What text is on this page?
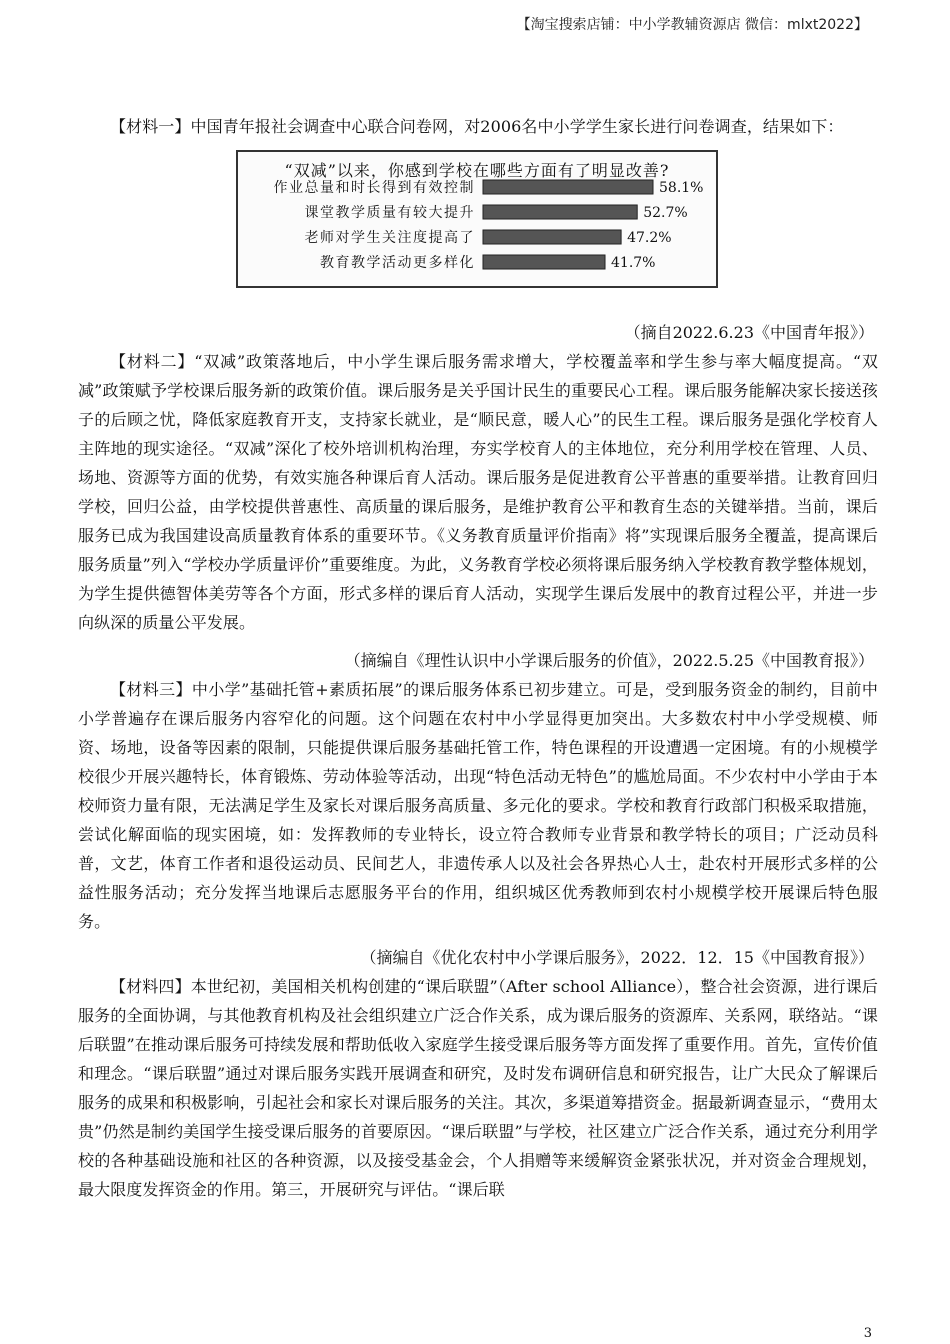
【淘宝搜索店铺：中小学教辅资源店 微信：mlxt2022】

【材料一】中国青年报社会调查中心联合问卷网，对2006名中小学学生家长进行问卷调查，结果如下：

“双减”以来，你感到学校在哪些方面有了明显改善?
作业总量和时长得到有效控制	58.1%
课堂教学质量有较大提升	52.7%
老师对学生关注度提高了	47.2%
教育教学活动更多样化	41.7%

（摘自2022.6.23《中国青年报》）

【材料二】“双减”政策落地后，中小学生课后服务需求增大，学校覆盖率和学生参与率大幅度提高。“双减”政策赋予学校课后服务新的政策价值。课后服务是关乎国计民生的重要民心工程。课后服务能解决家长接送孩子的后顾之忧，降低家庭教育开支，支持家长就业，是“顺民意，暖人心”的民生工程。课后服务是强化学校育人主阵地的现实途径。“双减”深化了校外培训机构治理，夯实学校育人的主体地位，充分利用学校在管理、人员、场地、资源等方面的优势，有效实施各种课后育人活动。课后服务是促进教育公平普惠的重要举措。让教育回归学校，回归公益，由学校提供普惠性、高质量的课后服务，是维护教育公平和教育生态的关键举措。当前，课后服务已成为我国建设高质量教育体系的重要环节。《义务教育质量评价指南》将”实现课后服务全覆盖，提高课后服务质量”列入“学校办学质量评价”重要维度。为此，义务教育学校必须将课后服务纳入学校教育教学整体规划，为学生提供德智体美劳等各个方面，形式多样的课后育人活动，实现学生课后发展中的教育过程公平，并进一步向纵深的质量公平发展。

（摘编自《理性认识中小学课后服务的价值》，2022.5.25《中国教育报》）

【材料三】中小学”基础托管+素质拓展”的课后服务体系已初步建立。可是，受到服务资金的制约，目前中小学普遍存在课后服务内容窄化的问题。这个问题在农村中小学显得更加突出。大多数农村中小学受规模、师资、场地，设备等因素的限制，只能提供课后服务基础托管工作，特色课程的开设遭遇一定困境。有的小规模学校很少开展兴趣特长，体育锻炼、劳动体验等活动，出现“特色活动无特色”的尴尬局面。不少农村中小学由于本校师资力量有限，无法满足学生及家长对课后服务高质量、多元化的要求。学校和教育行政部门积极采取措施，尝试化解面临的现实困境，如：发挥教师的专业特长，设立符合教师专业背景和教学特长的项目；广泛动员科普，文艺，体育工作者和退役运动员、民间艺人，非遗传承人以及社会各界热心人士，赴农村开展形式多样的公益性服务活动；充分发挥当地课后志愿服务平台的作用，组织城区优秀教师到农村小规模学校开展课后特色服务。

（摘编自《优化农村中小学课后服务》，2022．12．15《中国教育报》）

【材料四】本世纪初，美国相关机构创建的“课后联盟”（After school Alliance），整合社会资源，进行课后服务的全面协调，与其他教育机构及社会组织建立广泛合作关系，成为课后服务的资源库、关系网，联络站。“课后联盟”在推动课后服务可持续发展和帮助低收入家庭学生接受课后服务等方面发挥了重要作用。首先，宣传价值和理念。“课后联盟”通过对课后服务实践开展调查和研究，及时发布调研信息和研究报告，让广大民众了解课后服务的成果和积极影响，引起社会和家长对课后服务的关注。其次，多渠道筹措资金。据最新调查显示，“费用太贵”仍然是制约美国学生接受课后服务的首要原因。“课后联盟”与学校，社区建立广泛合作关系，通过充分利用学校的各种基础设施和社区的各种资源，以及接受基金会，个人捐赠等来缓解资金紧张状况，并对资金合理规划，最大限度发挥资金的作用。第三，开展研究与评估。“课后联

3
